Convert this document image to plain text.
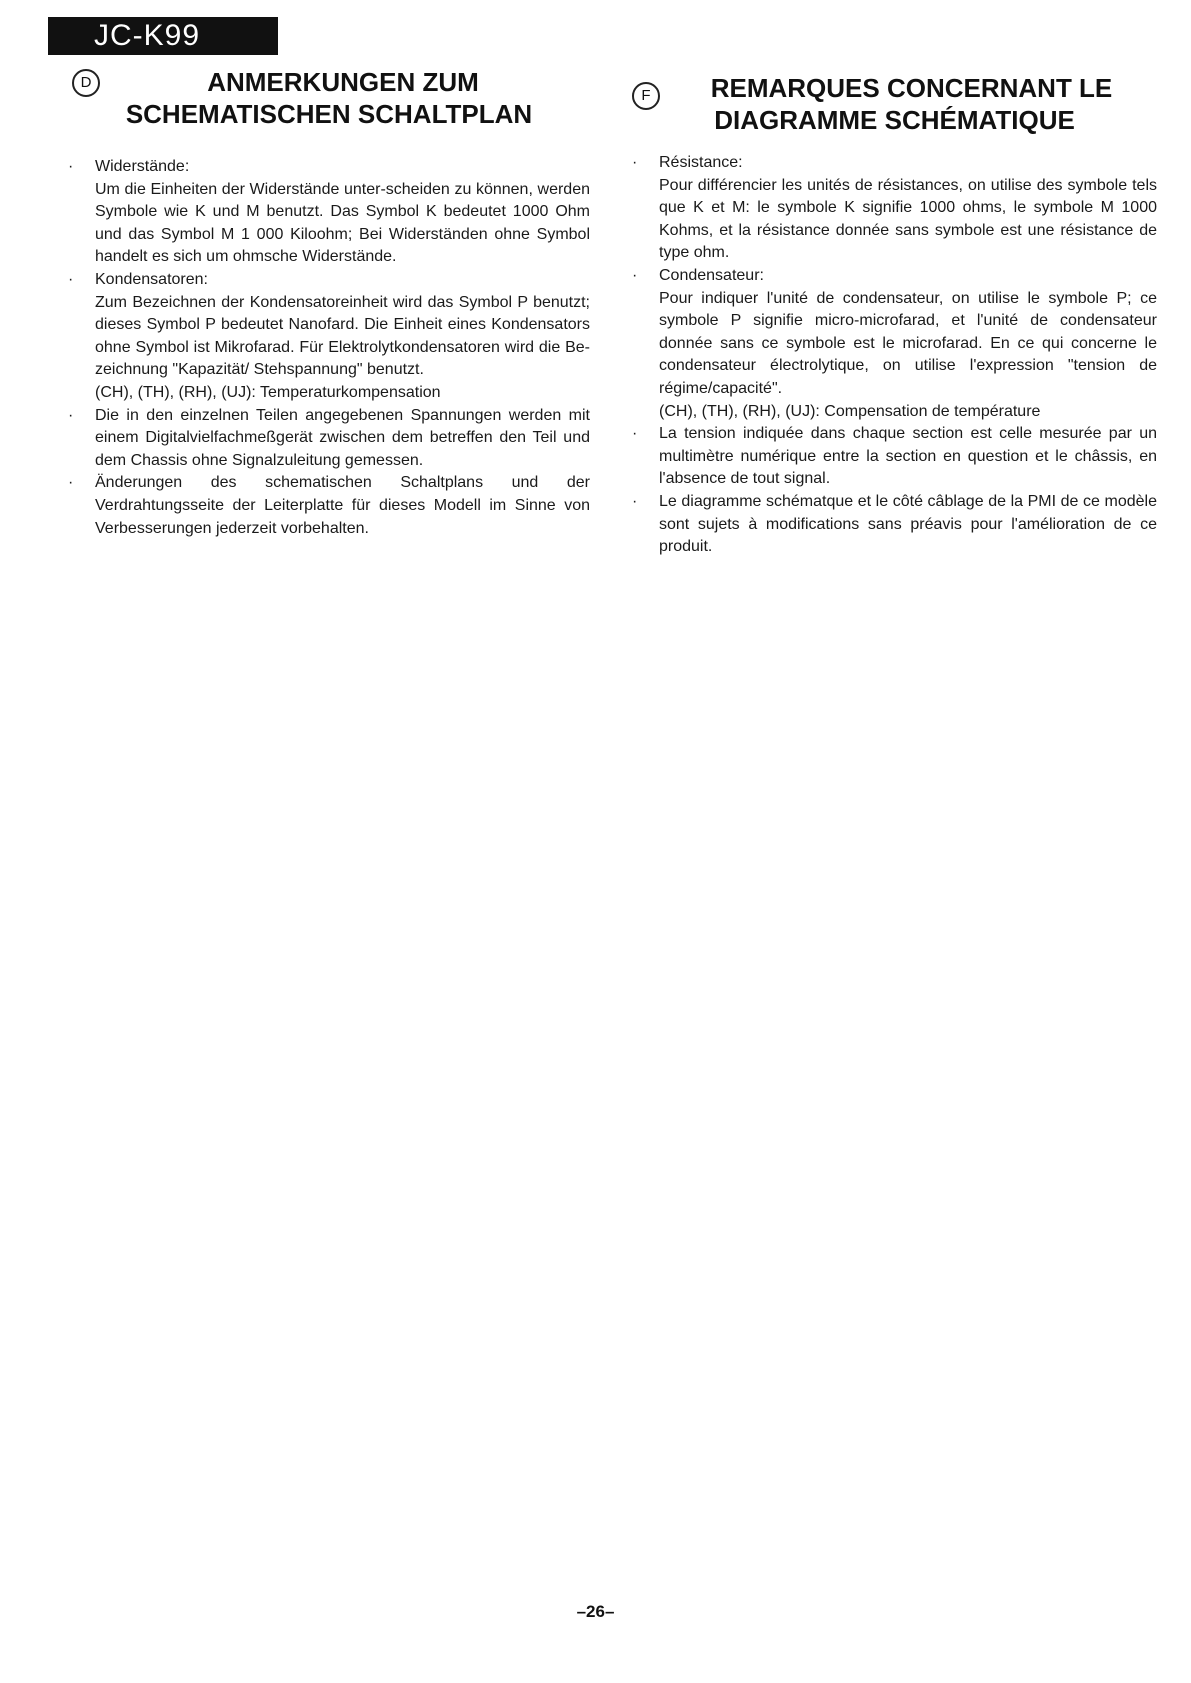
JC-K99
D	ANMERKUNGEN ZUM
SCHEMATISCHEN SCHALTPLAN
· Widerstände:
Um die Einheiten der Widerstände unter-scheiden zu können, werden Symbole wie K und M benutzt. Das Symbol K bedeutet 1000 Ohm und das Symbol M 1 000 Kiloohm; Bei Widerständen ohne Symbol handelt es sich um ohmsche Widerstände.
· Kondensatoren:
Zum Bezeichnen der Kondensatoreinheit wird das Symbol P benutzt; dieses Symbol P bedeutet Nanofard. Die Einheit eines Kondensators ohne Symbol ist Mikrofarad. Für Elektrolytkondensatoren wird die Be-zeichnung "Kapazität/ Stehspannung" benutzt.
(CH), (TH), (RH), (UJ): Temperaturkompensation
· Die in den einzelnen Teilen angegebenen Spannungen werden mit einem Digitalvielfachmeßgerät zwischen dem betreffen den Teil und dem Chassis ohne Signalzuleitung gemessen.
· Änderungen des schematischen Schaltplans und der Verdrahtungsseite der Leiterplatte für dieses Modell im Sinne von Verbesserungen jederzeit vorbehalten.
F	REMARQUES CONCERNANT LE
DIAGRAMME SCHÉMATIQUE
· Résistance:
Pour différencier les unités de résistances, on utilise des symbole tels que K et M: le symbole K signifie 1000 ohms, le symbole M 1000 Kohms, et la résistance donnée sans symbole est une résistance de type ohm.
· Condensateur:
Pour indiquer l'unité de condensateur, on utilise le symbole P; ce symbole P signifie micro-microfarad, et l'unité de condensateur donnée sans ce symbole est le microfarad. En ce qui concerne le condensateur électrolytique, on utilise l'expression "tension de régime/capacité".
(CH), (TH), (RH), (UJ): Compensation de température
· La tension indiquée dans chaque section est celle mesurée par un multimètre numérique entre la section en question et le châssis, en l'absence de tout signal.
· Le diagramme schématque et le côté câblage de la PMI de ce modèle sont sujets à modifications sans préavis pour l'amélioration de ce produit.
–26–
